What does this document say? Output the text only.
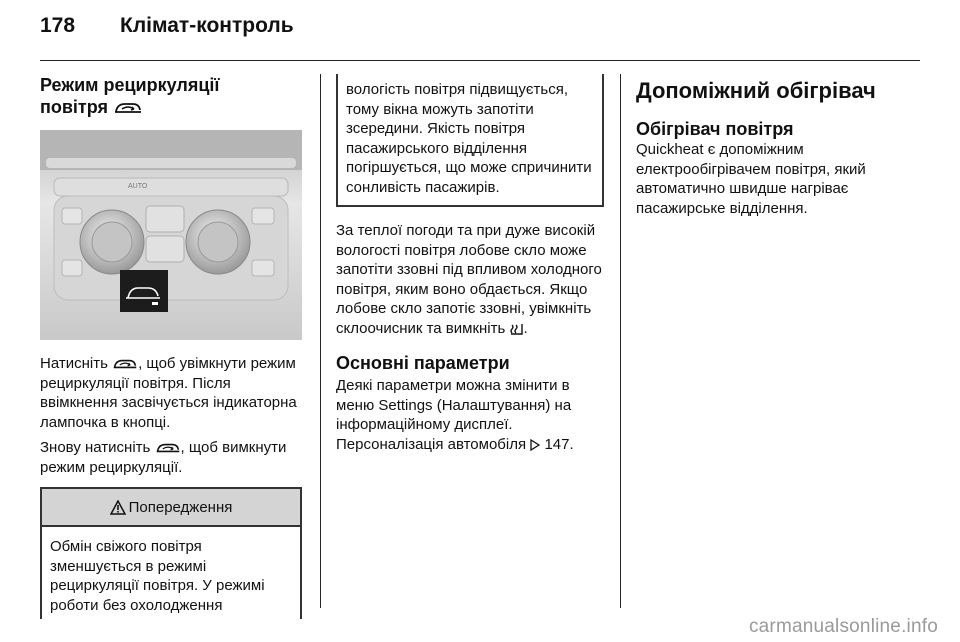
178 Клімат-контроль

Режим рециркуляції
повітря

AUTO

Натисніть , щоб увімкнути режим рециркуляції повітря. Після ввімкнення засвічується індикаторна лампочка в кнопці.

Знову натисніть , щоб вимкнути режим рециркуляції.

Попередження

Обмін свіжого повітря зменшується в режимі рециркуляції повітря. У режимі роботи без охолодження

вологість повітря підвищується, тому вікна можуть запотіти зсередини. Якість повітря пасажирського відділення погіршується, що може спричинити сонливість пасажирів.

За теплої погоди та при дуже високій вологості повітря лобове скло може запотіти ззовні під впливом холодного повітря, яким воно обдається. Якщо лобове скло запотіє ззовні, увімкніть склоочисник та вимкніть .

Основні параметри

Деякі параметри можна змінити в меню Settings (Налаштування) на інформаційному дисплеї. Персоналізація автомобіля 147.

Допоміжний обігрівач

Обігрівач повітря

Quickheat є допоміжним електрообігрівачем повітря, який автоматично швидше нагріває пасажирське відділення.

carmanualsonline.info
